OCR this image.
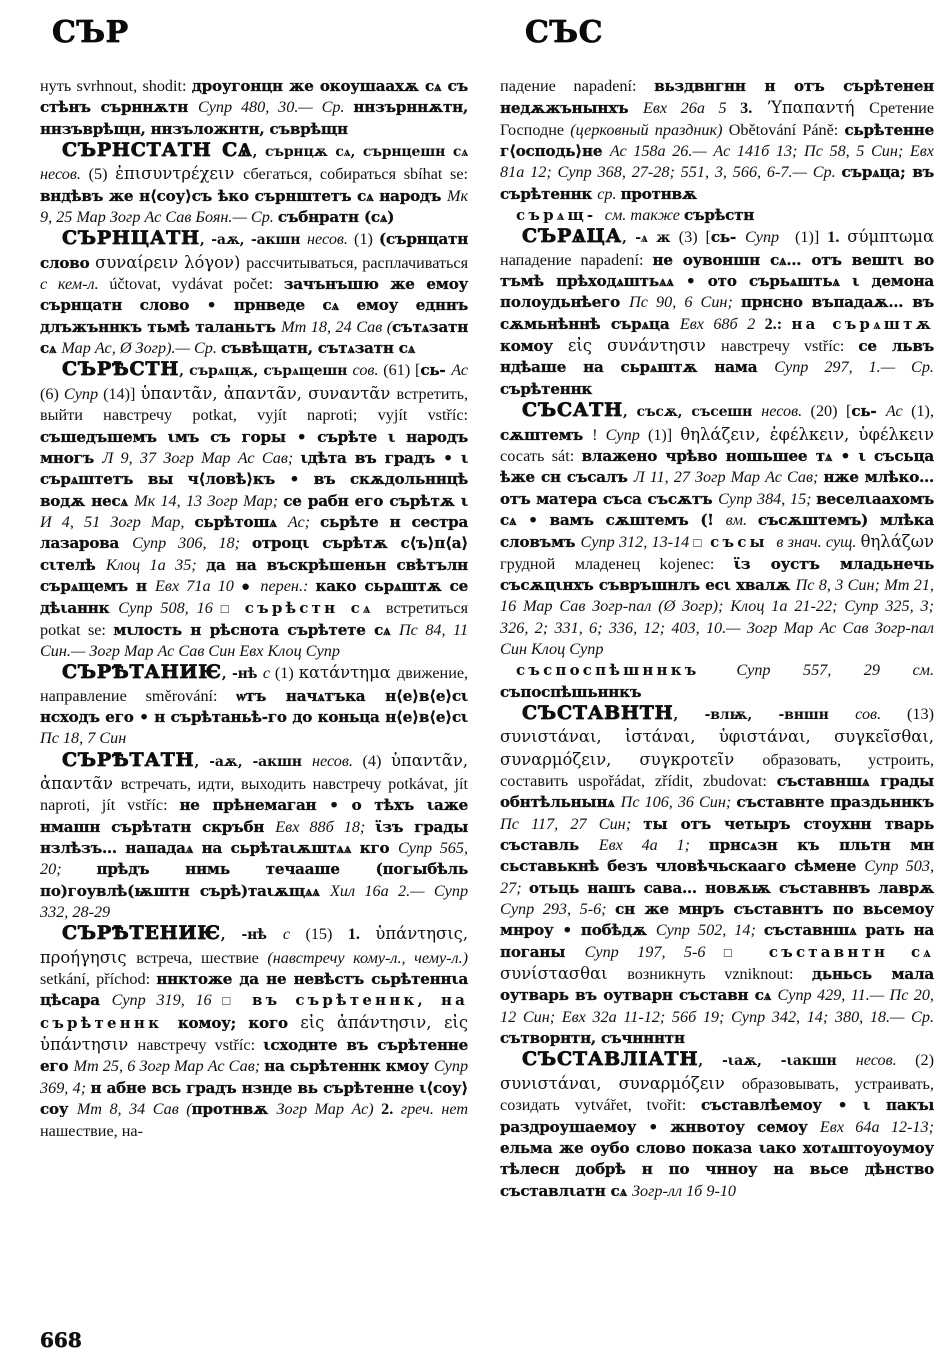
СЪР	СЪС

нуть svrhnout, shodit: дроугонцн же окоушаахѫ сѧ съ стѣнъ сърннѫтн Супр 480, 30.— Ср. ннзърннѫтн, ннзъврѣщн, ннзъложнтн, съврѣщн

СЪРНСТАТН СѦ, сърнцѫ сѧ, сърнцешн сѧ несов. (5) ἐπισυντρέχειν сбегаться, собираться sbíhat se: вндѣвъ же н⟨соу⟩съ ѣко сърнштетъ сѧ народъ Мк 9, 25 Мар Зогр Ас Сав Боян.— Ср. събнратн (сѧ)

СЪРНЦАТН, -аѫ, -акшн несов. (1) (сърнцатн слово συναίρειν λόγον) рассчитываться, расплачиваться с кем-л. účtovat, vydávat počet: зачънъшю же емоу сърнцатн слово • прнведе сѧ емоу едннъ длъжъннкъ тьмѣ таланьтъ Мт 18, 24 Сав (сътѧзатн сѧ Мар Ас, Ø Зогр).— Ср. съвѣщатн, сътѧзатн сѧ

СЪРѢСТН, сърѧщѫ, сърѧщешн сов. (61) [сь- Ас (6) Супр (14)] ὑπαντᾶν, ἀπαντᾶν, συναντᾶν встретить, выйти навстречу potkat, vyjít naproti; vyjít vstříc: съшедъшемъ ιмъ съ горы • сърѣте ι народъ многъ Л 9, 37 Зогр Мар Ас Сав; ιдѣта въ градъ • ι сърѧштетъ вы ч⟨ловѣ⟩къ • въ скѫдольннцѣ водѫ несѧ Мк 14, 13 Зогр Мар; се рабн его сърѣтѫ ι И 4, 51 Зогр Мар, сьрѣтошѧ Ас; сьрѣте н сестра лазарова Супр 306, 18; отроцι сърѣтѫ с⟨ъ⟩п⟨а⟩сιтелѣ Клоц 1а 35; да на въскрѣшеньн свѣтълн сърѧщемъ н Евх 71а 10 ● перен.: како сьрѧштѫ се дѣιаннк Супр 508, 16 □ сърѣстн сѧ встретиться potkat se: мιлость н рѣснота сърѣтете сѧ Пс 84, 11 Син.— Зогр Мар Ас Сав Син Евх Клоц Супр

СЪРѢТАНИѤ, -нѣ с (1) κατάντημα движение, направление směrování: ѡтъ начѧтъка н⟨е⟩в⟨е⟩сι нсходъ его • н сърѣтаньѣ-го до коньца н⟨е⟩в⟨е⟩сι Пс 18, 7 Син

СЪРѢТАТН, -аѫ, -акшн несов. (4) ὑπαντᾶν, ἀπαντᾶν встречать, идти, выходить навстречу potkávat, jít naproti, jít vstříc: не прѣнемаган • о тѣхъ ιаже нмашн сърѣтатн скръбн Евх 88б 18; ϊзъ грады нзлѣзъ… нападаѧ на сьрѣтаιѫштѧѧ кго Супр 565, 20; прѣдъ ннмь течааше (погыбѣль по)гоувлѣ(ѭштн сърѣ)таιѫщѧѧ Хил 16а 2.— Супр 332, 28-29

СЪРѢТЕНИѤ, -нѣ с (15) 1. ὑπάντησις, προήγησις встреча, шествие (навстречу кому-л., чему-л.) setkání, příchod: ннктоже да не невѣстъ сьрѣтеннιа цѣсара Супр 319, 16 □ въ сърѣтеннк, на сърѣтеннк комоу; кого εἰς ἀπάντησιν, εἰς ὑπάντησιν навстречу vstříc: ιсходнте въ сърѣтенне его Мт 25, 6 Зогр Мар Ас Сав; на сьрѣтеннк кмоу Супр 369, 4; н абне вcь градъ нзнде вь сърѣтенне ι⟨соу⟩соу Мт 8, 34 Сав (протнвѫ Зогр Мар Ас) 2. греч. нет нашествие, на-

падение napadení: вьздвнгнн н отъ сърѣтенен недѫжънынхъ Евх 26а 5 3. ʼΥπαπαντή Сретение Господне (церковный праздник) Obětování Páně: сьрѣтенне г⟨осподь⟩не Ас 158а 26.— Ас 141б 13; Пс 58, 5 Син; Евх 81а 12; Супр 368, 27-28; 551, 3, 566, 6-7.— Ср. сърѧца; въ сърѣтеннк ср. протнвѫ

сърѧщ- см. также сърѣстн

СЪРѦЦА, -ѧ ж (3) [сь- Супр  (1)] 1. σύμπτωμα нападение napadení: не оувоншн сѧ… отъ вештι во тъмѣ прѣходѧштьѧѧ • ото сърьѧштьѧ ι демона полоудьнѣего Пс 90, 6 Син; прнсно въпадаѫ… въ сѫмьнѣннѣ сърѧца Евх 68б 2 2.: на сърѧштѫ комоу εἰς συνάντησιν навстречу vstříc: се львъ ндѣаше на сьрѧштѫ нама Супр 297, 1.— Ср. сърѣтеннк

СЪСАТН, съсѫ, съсешн несов. (20) [сь- Ас (1), сѫштемъ ! Супр (1)] θηλάζειν, ἐφέλκειν, ὑφέλκειν сосать sát: влажено чрѣво ношьшее тѧ • ι съсьца ѣже сн съсалъ Л 11, 27 Зогр Мар Ас Сав; нже млѣко… отъ матера съса съсѫтъ Супр 384, 15; веселιаахомъ сѧ • вамъ сѫштемъ (! вм. съсѫштемъ) млѣка словъмъ Супр 312, 13-14 □ съсы в знач. сущ. θηλάζων грудной младенец kojenec: ϊз оустъ младьнечь съсѫцιнхъ съвръшнлъ есι хвалѫ Пс 8, 3 Син; Мт 21, 16 Мар Сав Зогр-пал (Ø Зогр); Клоц 1а 21-22; Супр 325, 3; 326, 2; 331, 6; 336, 12; 403, 10.— Зогр Мар Ас Сав Зогр-пал Син Клоц Супр

съспоспѣшннкъ Супр 557, 29 см. съпоспѣшьннкъ

СЪСТАВНТН, -влѭ, -вншн сов. (13) συνιστάναι, ἱστάναι, ὑφιστάναι, συγκεῖσθαι, συναρμόζειν, συγκροτεῖν образовать, устроить, составить uspořádat, zřídit, zbudovat: съставншѧ грады обнтѣльнынѧ Пс 106, 36 Син; съставнте праздьннкъ Пс 117, 27 Син; ты отъ четыръ стоухнн тварь съставль Евх 4а 1; прнсѧзн къ пльтн мн сьставькнѣ безъ чловѣчьскааго сѣмене Супр 503, 27; отьць нашъ сава… новѫѭ съставнвъ лаврѫ Супр 293, 5-6; сн же мнръ съставнтъ по вьсемоу мнроу • побѣдѫ Супр 502, 14; съставншѧ рать на поганы Супр 197, 5-6 □ съставнтн сѧ συνίστασθαι возникнуть vzniknout: дьньсь мала оутварь въ оутварн съставн сѧ Супр 429, 11.— Пс 20, 12 Син; Евх 32а 11-12; 56б 19; Супр 342, 14; 380, 18.— Ср. сътворнтн, съчнннтн

СЪСТАВЛІАТН, -ιаѫ, -ιакшн несов. (2) συνιστάναι, συναρμόζειν образовывать, устраивать, созидать vytvářet, tvořit: съставлѣемоу • ι пакъı раздроушаемоу • жнвотоу семоу Евх 64а 12-13; ельма же оубо слово показа ιако хотѧштоуоумоу тѣлесн добрѣ н по чнноу на вьсе дѣнство съставлιатн сѧ Зогр-лл 1б 9-10

668
